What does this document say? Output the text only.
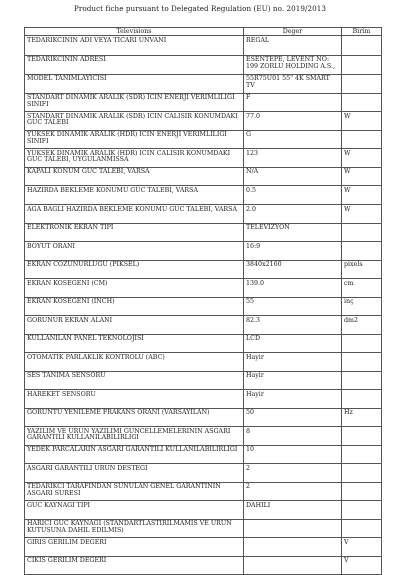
Product fiche pursuant to Delegated Regulation (EU) no. 2019/2013
Televisions	Deger	Birim
TEDARIKCININ ADI VEYA TICARI UNVANI	REGAL	
TEDARIKCININ ADRESI	ESENTEPE, LEVENT NO: 199 ZORLU HOLDING A.S.,	
MODEL TANIMLAYICISI	55R75U01 55" 4K SMART TV	
STANDART DINAMIK ARALIK (SDR) ICIN ENERJI VERIMLILIGI SINIFI	F	
STANDART DINAMIK ARALIK (SDR) ICIN CALISIR KONUMDAKI GUC TALEBI	77.0	W
YUKSEK DINAMIK ARALIK (HDR) ICIN ENERJI VERIMLILIGI SINIFI	G	
YUKSEK DINAMIK ARALIK (HDR) ICIN CALISIR KONUMDAKI GUC TALEBI, UYGULANMISSA	123	W
KAPALI KONUM GUC TALEBI, VARSA	N/A	W
HAZIRDA BEKLEME KONUMU GUC TALEBI, VARSA	0.5	W
AGA BAGLI HAZIRDA BEKLEME KONUMU GUC TALEBI, VARSA	2.0	W
ELEKTRONIK EKRAN TIPI	TELEVIZYON	
BOYUT ORANI	16:9	
EKRAN COZUNURLUGU (PIKSEL)	3840x2160	pixels
EKRAN KOSEGENI (CM)	139.0	cm
EKRAN KOSEGENI (INCH)	55	inç
GORUNUR EKRAN ALANI	82.3	dm2
KULLANILAN PANEL TEKNOLOJISI	LCD	
OTOMATIK PARLAKLIK KONTROLU (ABC)	Hayir	
SES TANIMA SENSORU	Hayir	
HAREKET SENSORU	Hayir	
GORUNTU YENILEME FRAKANS ORANI (VARSAYILAN)	50	Hz
YAZILIM VE URUN YAZILIMI GUNCELLEMELERININ ASGARI GARANTILI KULLANILABILIRLIGI	8	
YEDEK PARCALARIN ASGARI GARANTILI KULLANILABILIRLIGI	10	
ASGARI GARANTILI URUN DESTEGI	2	
TEDARIKCI TARAFINDAN SUNULAN GENEL GARANTININ ASGARI SURESI	2	
GUC KAYNAGI TIPI	DAHILI	
HARICI GUC KAYNAGI (STANDARTLASTIRILMAMIS VE URUN KUTUSUNA DAHIL EDILMIS)		
GIRIS GERILIM DEGERI		V
CIKIS GERILIM DEGERI		V
